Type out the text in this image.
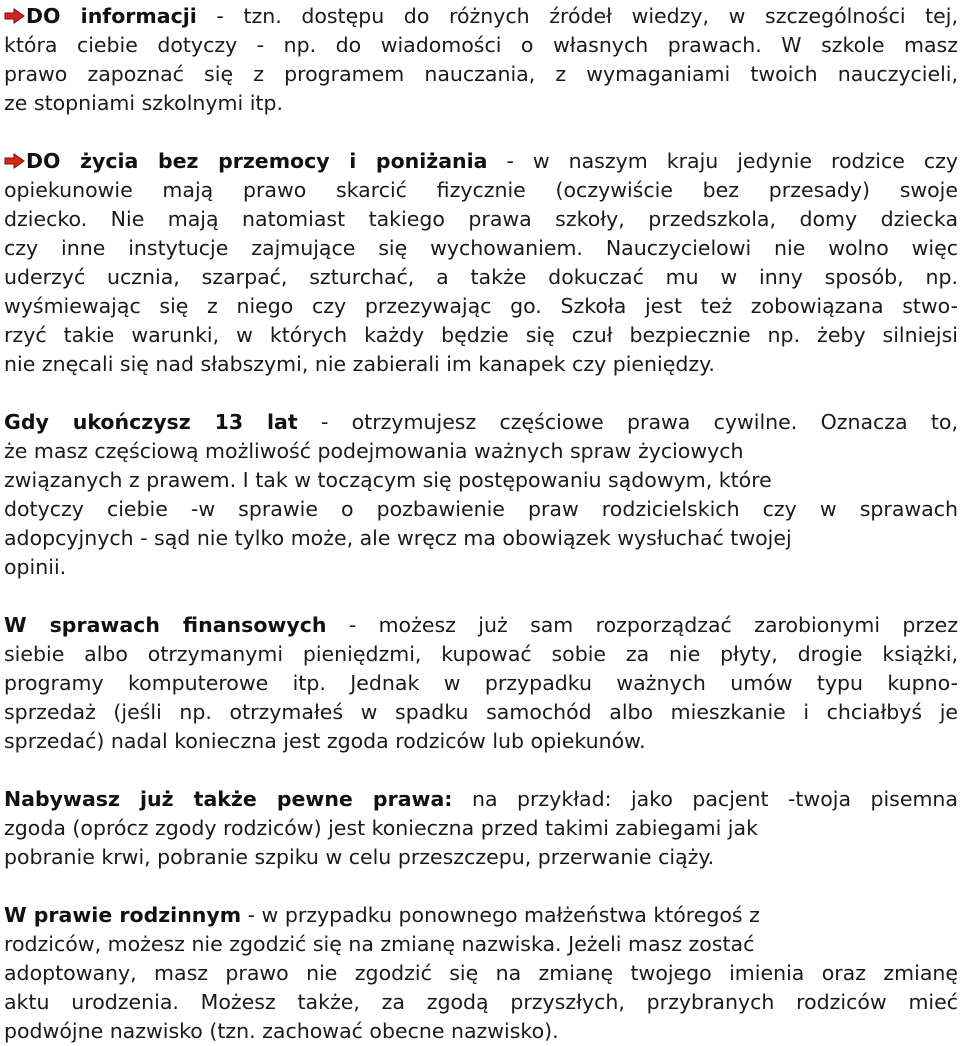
DO informacji - tzn. dostępu do różnych źródeł wiedzy, w szczególności tej,
która ciebie dotyczy - np. do wiadomości o własnych prawach. W szkole masz
prawo zapoznać się z programem nauczania, z wymaganiami twoich nauczycieli,
ze stopniami szkolnymi itp.
DO życia bez przemocy i poniżania - w naszym kraju jedynie rodzice czy
opiekunowie mają prawo skarcić fizycznie (oczywiście bez przesady) swoje
dziecko. Nie mają natomiast takiego prawa szkoły, przedszkola, domy dziecka
czy inne instytucje zajmujące się wychowaniem. Nauczycielowi nie wolno więc
uderzyć ucznia, szarpać, szturchać, a także dokuczać mu w inny sposób, np.
wyśmiewając się z niego czy przezywając go. Szkoła jest też zobowiązana stwo-
rzyć takie warunki, w których każdy będzie się czuł bezpiecznie np. żeby silniejsi
nie znęcali się nad słabszymi, nie zabierali im kanapek czy pieniędzy.
Gdy ukończysz 13 lat - otrzymujesz częściowe prawa cywilne. Oznacza to,
że masz częściową możliwość podejmowania ważnych spraw życiowych
związanych z prawem. I tak w toczącym się postępowaniu sądowym, które
dotyczy ciebie -w sprawie o pozbawienie praw rodzicielskich czy w sprawach
adopcyjnych - sąd nie tylko może, ale wręcz ma obowiązek wysłuchać twojej
opinii.
W sprawach finansowych - możesz już sam rozporządzać zarobionymi przez
siebie albo otrzymanymi pieniędzmi, kupować sobie za nie płyty, drogie książki,
programy komputerowe itp. Jednak w przypadku ważnych umów typu kupno-
sprzedaż (jeśli np. otrzymałeś w spadku samochód albo mieszkanie i chciałbyś je
sprzedać) nadal konieczna jest zgoda rodziców lub opiekunów.
Nabywasz już także pewne prawa: na przykład: jako pacjent -twoja pisemna
zgoda (oprócz zgody rodziców) jest konieczna przed takimi zabiegami jak
pobranie krwi, pobranie szpiku w celu przeszczepu, przerwanie ciąży.
W prawie rodzinnym - w przypadku ponownego małżeństwa któregoś z
rodziców, możesz nie zgodzić się na zmianę nazwiska. Jeżeli masz zostać
adoptowany, masz prawo nie zgodzić się na zmianę twojego imienia oraz zmianę
aktu urodzenia. Możesz także, za zgodą przyszłych, przybranych rodziców mieć
podwójne nazwisko (tzn. zachować obecne nazwisko).
